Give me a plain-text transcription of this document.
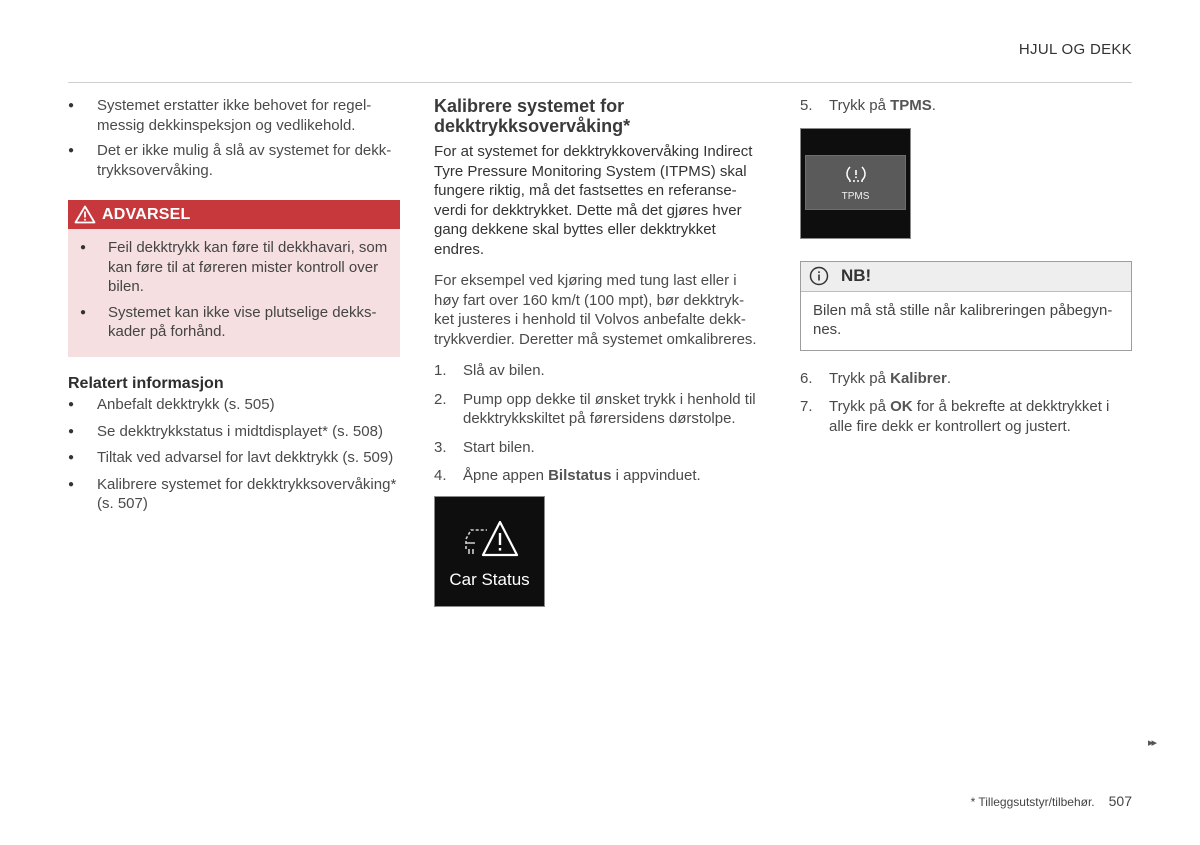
HJUL OG DEKK
● Systemet erstatter ikke behovet for regel-messig dekkinspeksjon og vedlikehold.
● Det er ikke mulig å slå av systemet for dekk-trykksovervåking.
ADVARSEL
● Feil dekktrykk kan føre til dekkhavari, som kan føre til at føreren mister kontroll over bilen.
● Systemet kan ikke vise plutselige dekks-kader på forhånd.
Relatert informasjon
● Anbefalt dekktrykk (s. 505)
● Se dekktrykkstatus i midtdisplayet* (s. 508)
● Tiltak ved advarsel for lavt dekktrykk (s. 509)
● Kalibrere systemet for dekktrykksovervåking* (s. 507)
Kalibrere systemet for dekktrykksovervåking*

For at systemet for dekktrykkovervåking Indirect Tyre Pressure Monitoring System (ITPMS) skal fungere riktig, må det fastsettes en referanse-verdi for dekktrykket. Dette må det gjøres hver gang dekkene skal byttes eller dekktrykket endres.

For eksempel ved kjøring med tung last eller i høy fart over 160 km/t (100 mpt), bør dekktryk-ket justeres i henhold til Volvos anbefalte dekk-trykkverdier. Deretter må systemet omkalibreres.

1. Slå av bilen.
2. Pump opp dekke til ønsket trykk i henhold til dekktrykkskiltet på førersidens dørstolpe.
3. Start bilen.
4. Åpne appen Bilstatus i appvinduet.
Car Status
5. Trykk på TPMS.
TPMS
NB!
Bilen må stå stille når kalibreringen påbegyn-nes.
6. Trykk på Kalibrer.
7. Trykk på OK for å bekrefte at dekktrykket i alle fire dekk er kontrollert og justert.
▸▸
* Tilleggsutstyr/tilbehør. 507
